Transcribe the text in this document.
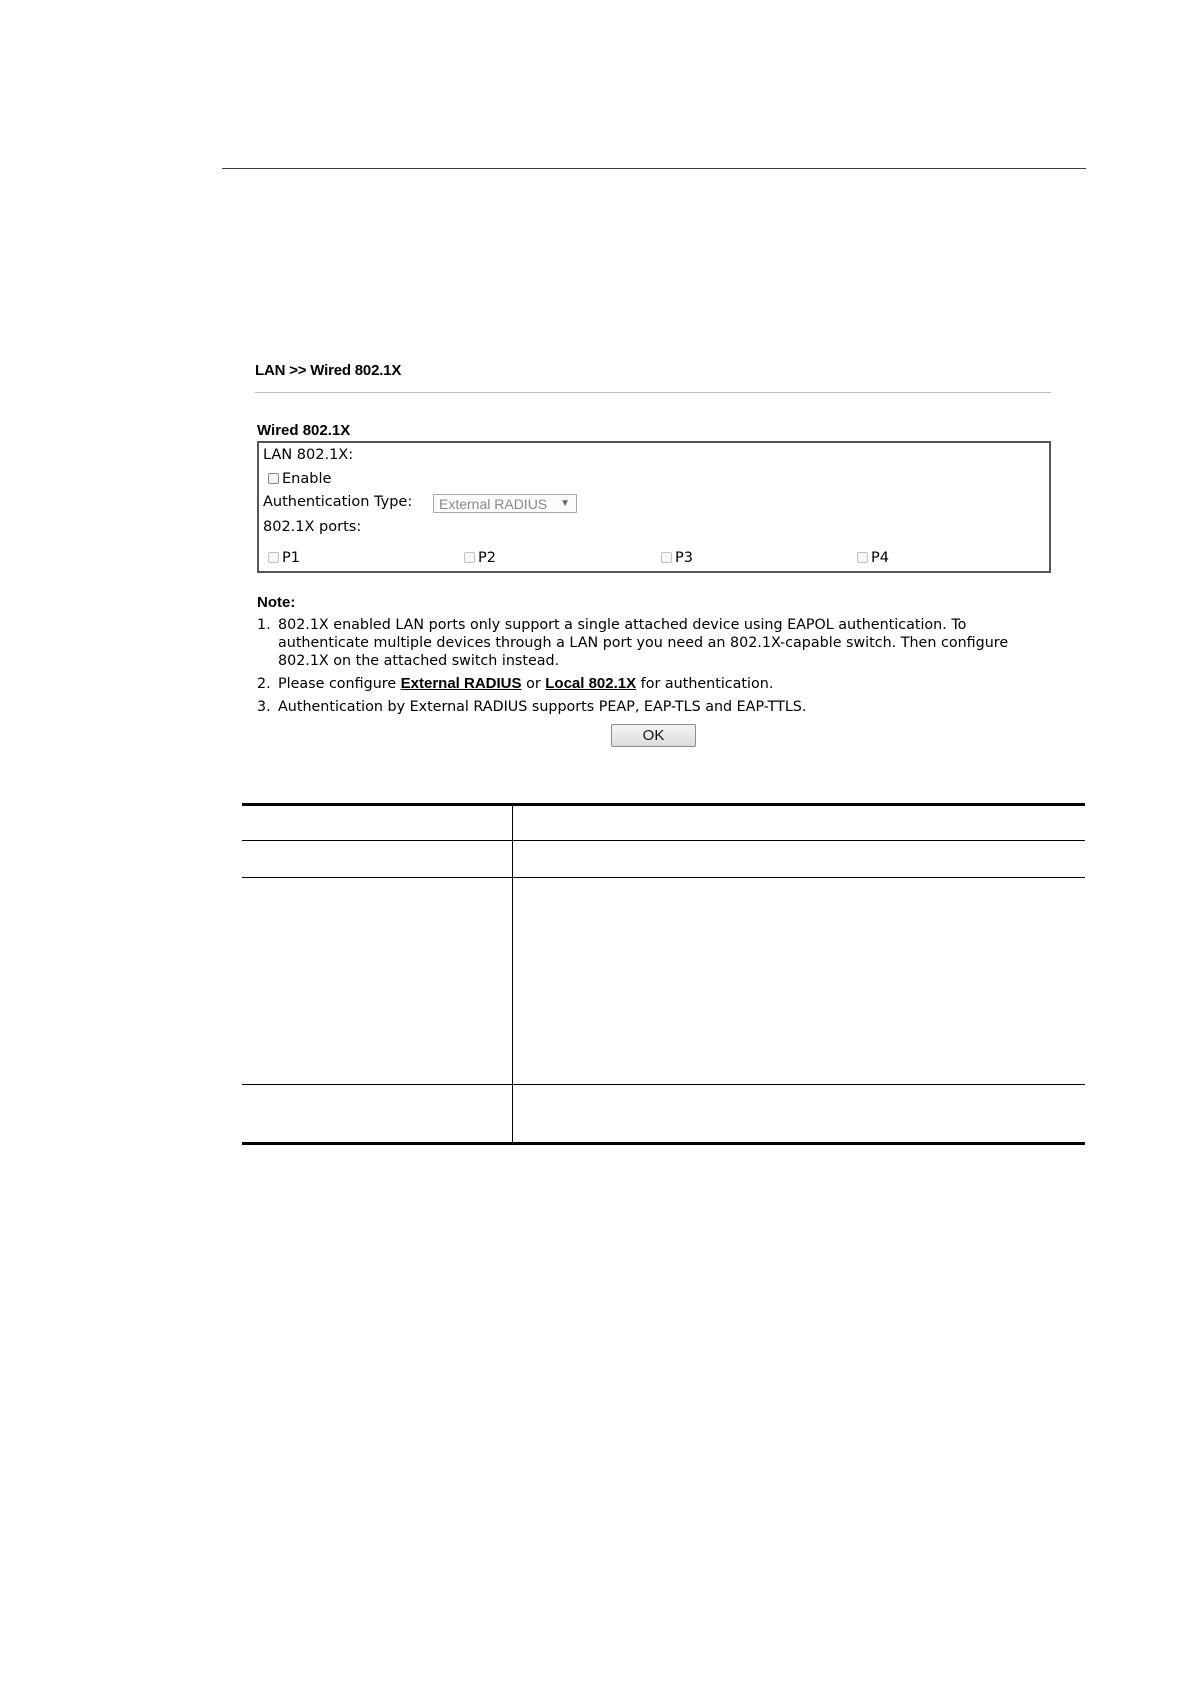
LAN >> Wired 802.1X
Wired 802.1X
LAN 802.1X:
Enable
Authentication Type:	External RADIUS ▼
802.1X ports:
P1	P2	P3	P4
Note:
1. 802.1X enabled LAN ports only support a single attached device using EAPOL authentication. To authenticate multiple devices through a LAN port you need an 802.1X-capable switch. Then configure 802.1X on the attached switch instead.
2. Please configure External RADIUS or Local 802.1X for authentication.
3. Authentication by External RADIUS supports PEAP, EAP-TLS and EAP-TTLS.
OK
